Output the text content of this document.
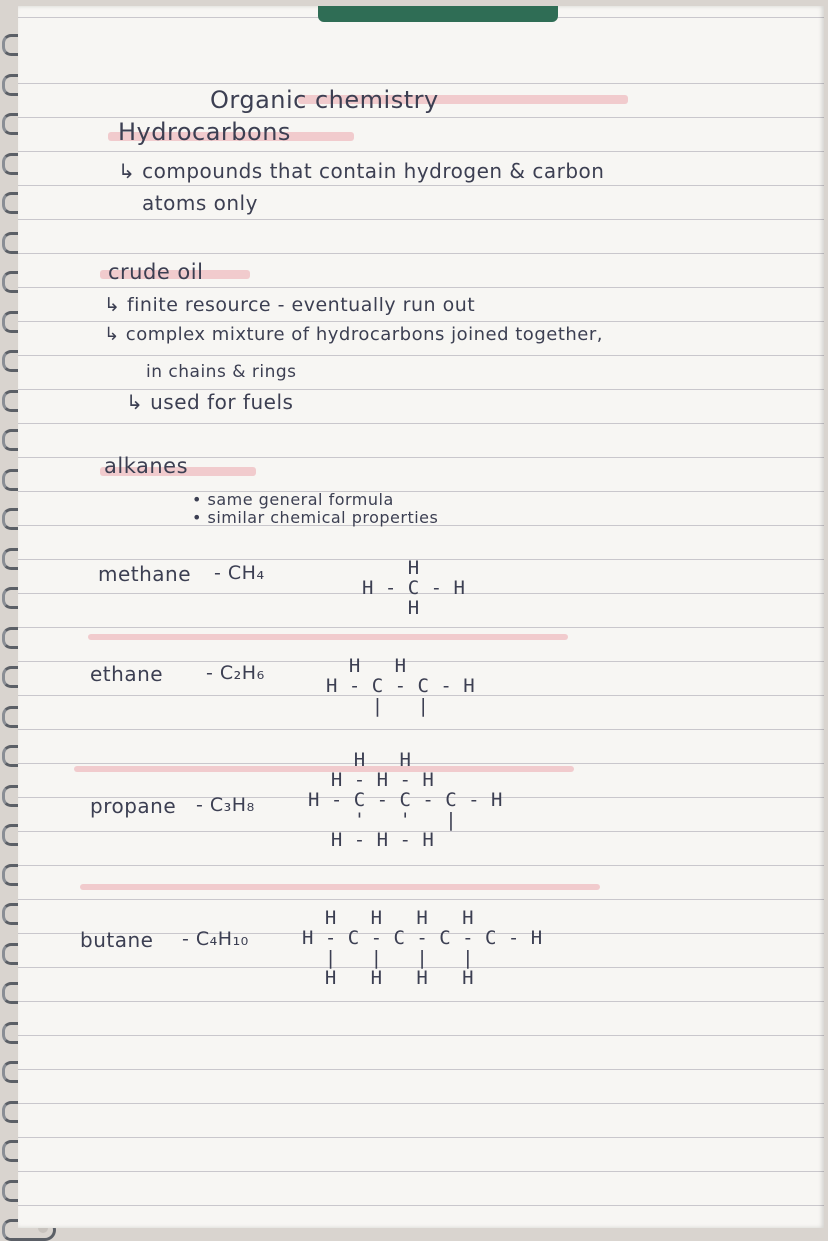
Organic chemistry
Hydrocarbons
↳ compounds that contain hydrogen & carbon
atoms only
crude oil
↳ finite resource - eventually run out
↳ complex mixture of hydrocarbons joined together,
in chains & rings
↳ used for fuels
alkanes
• same general formula
• similar chemical properties
methane - CH₄	H
H - C - H
H
ethane - C₂H₆	H   H
H - C - C - H
|   |
propane - C₃H₈
H   H
H - H - H
H - C - C - C - H
'   '   |
H - H - H
butane - C₄H₁₀
H   H   H   H
H - C - C - C - C - H
|   |   |   |
H   H   H   H
